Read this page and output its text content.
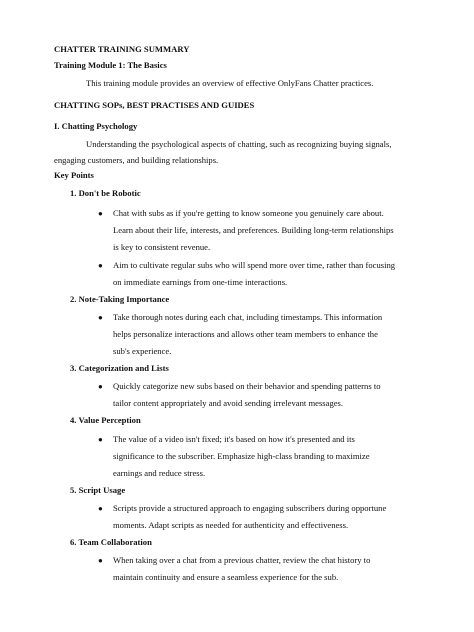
CHATTER TRAINING SUMMARY
Training Module 1: The Basics
This training module provides an overview of effective OnlyFans Chatter practices.
CHATTING SOPs, BEST PRACTISES AND GUIDES
I. Chatting Psychology
Understanding the psychological aspects of chatting, such as recognizing buying signals,
engaging customers, and building relationships.
Key Points
1. Don't be Robotic
● Chat with subs as if you're getting to know someone you genuinely care about.
Learn about their life, interests, and preferences. Building long-term relationships
is key to consistent revenue.
● Aim to cultivate regular subs who will spend more over time, rather than focusing
on immediate earnings from one-time interactions.
2. Note-Taking Importance
● Take thorough notes during each chat, including timestamps. This information
helps personalize interactions and allows other team members to enhance the
sub's experience.
3. Categorization and Lists
● Quickly categorize new subs based on their behavior and spending patterns to
tailor content appropriately and avoid sending irrelevant messages.
4. Value Perception
● The value of a video isn't fixed; it's based on how it's presented and its
significance to the subscriber. Emphasize high-class branding to maximize
earnings and reduce stress.
5. Script Usage
● Scripts provide a structured approach to engaging subscribers during opportune
moments. Adapt scripts as needed for authenticity and effectiveness.
6. Team Collaboration
● When taking over a chat from a previous chatter, review the chat history to
maintain continuity and ensure a seamless experience for the sub.
